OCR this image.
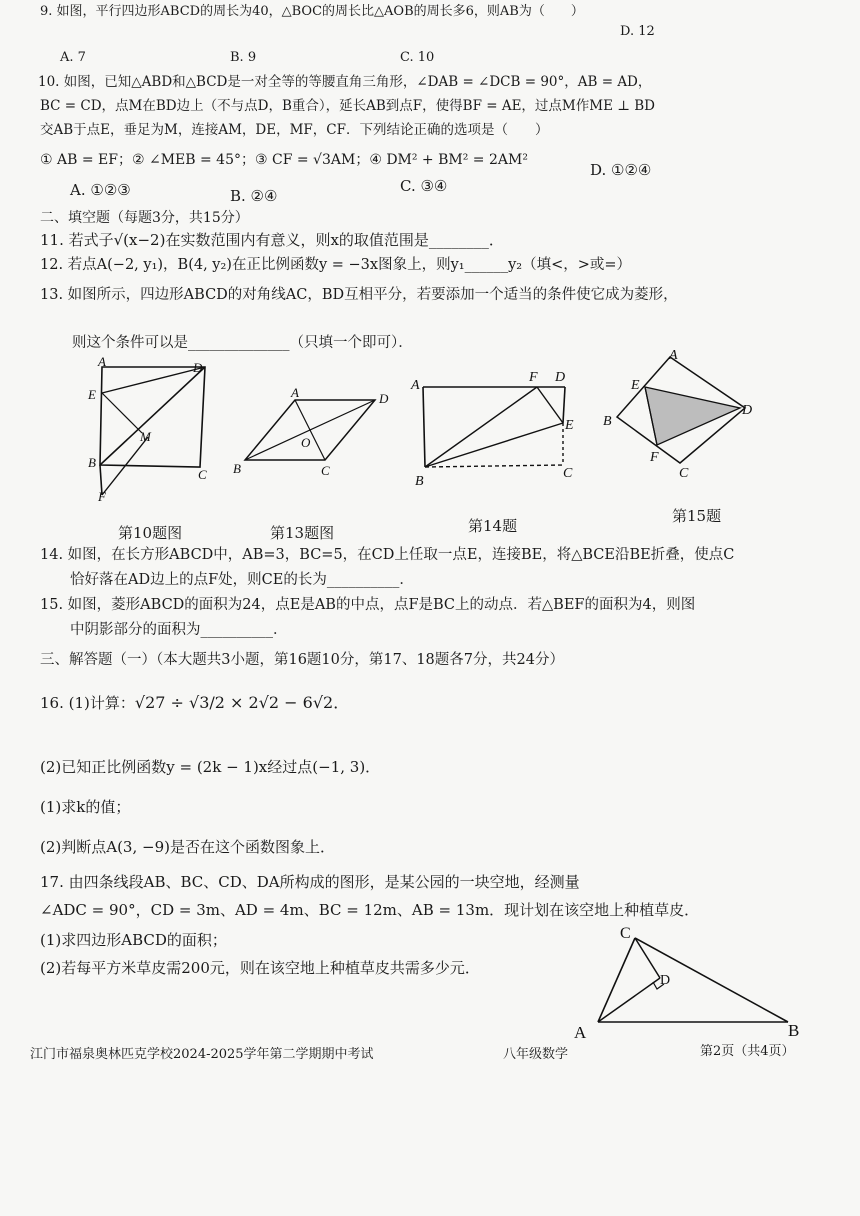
9. 如图，平行四边形ABCD的周长为40，△BOC的周长比△AOB的周长多6，则AB为（　　）
D. 12
A. 7	B. 9	C. 10
10. 如图，已知△ABD和△BCD是一对全等的等腰直角三角形，∠DAB = ∠DCB = 90°，AB = AD，
BC = CD，点M在BD边上（不与点D，B重合），延长AB到点F，使得BF = AE，过点M作ME ⊥ BD
交AB于点E，垂足为M，连接AM，DE，MF，CF．下列结论正确的选项是（　　）
① AB = EF；② ∠MEB = 45°；③ CF = √3AM；④ DM² + BM² = 2AM²
A. ①②③	B. ②④
C. ③④
D. ①②④
二、填空题（每题3分，共15分）
11. 若式子√(x−2)在实数范围内有意义，则x的取值范围是________．
12. 若点A(−2, y₁)，B(4, y₂)在正比例函数y = −3x图象上，则y₁______y₂（填<，>或=）
13. 如图所示，四边形ABCD的对角线AC，BD互相平分，若要添加一个适当的条件使它成为菱形，
则这个条件可以是______________（只填一个即可）．
A	D
E
M
B
C
F
A	D
O
B	C
A
F D
E
B
C
A
E
D
B
F
C
第10题图	第13题图	第14题
第15题
14. 如图，在长方形ABCD中，AB=3，BC=5，在CD上任取一点E，连接BE，将△BCE沿BE折叠，使点C
恰好落在AD边上的点F处，则CE的长为__________．
15. 如图，菱形ABCD的面积为24，点E是AB的中点，点F是BC上的动点．若△BEF的面积为4，则图
中阴影部分的面积为__________．
三、解答题（一）（本大题共3小题，第16题10分，第17、18题各7分，共24分）
16. (1)计算：√27 ÷ √3/2 × 2√2 − 6√2．
(2)已知正比例函数y = (2k − 1)x经过点(−1, 3)．
(1)求k的值；
(2)判断点A(3, −9)是否在这个函数图象上．
17. 由四条线段AB、BC、CD、DA所构成的图形，是某公园的一块空地，经测量
∠ADC = 90°，CD = 3m、AD = 4m、BC = 12m、AB = 13m．现计划在该空地上种植草皮．
(1)求四边形ABCD的面积；
(2)若每平方米草皮需200元，则在该空地上种植草皮共需多少元．
C
D
A	B
江门市福泉奥林匹克学校2024-2025学年第二学期期中考试	八年级数学	第2页（共4页）
